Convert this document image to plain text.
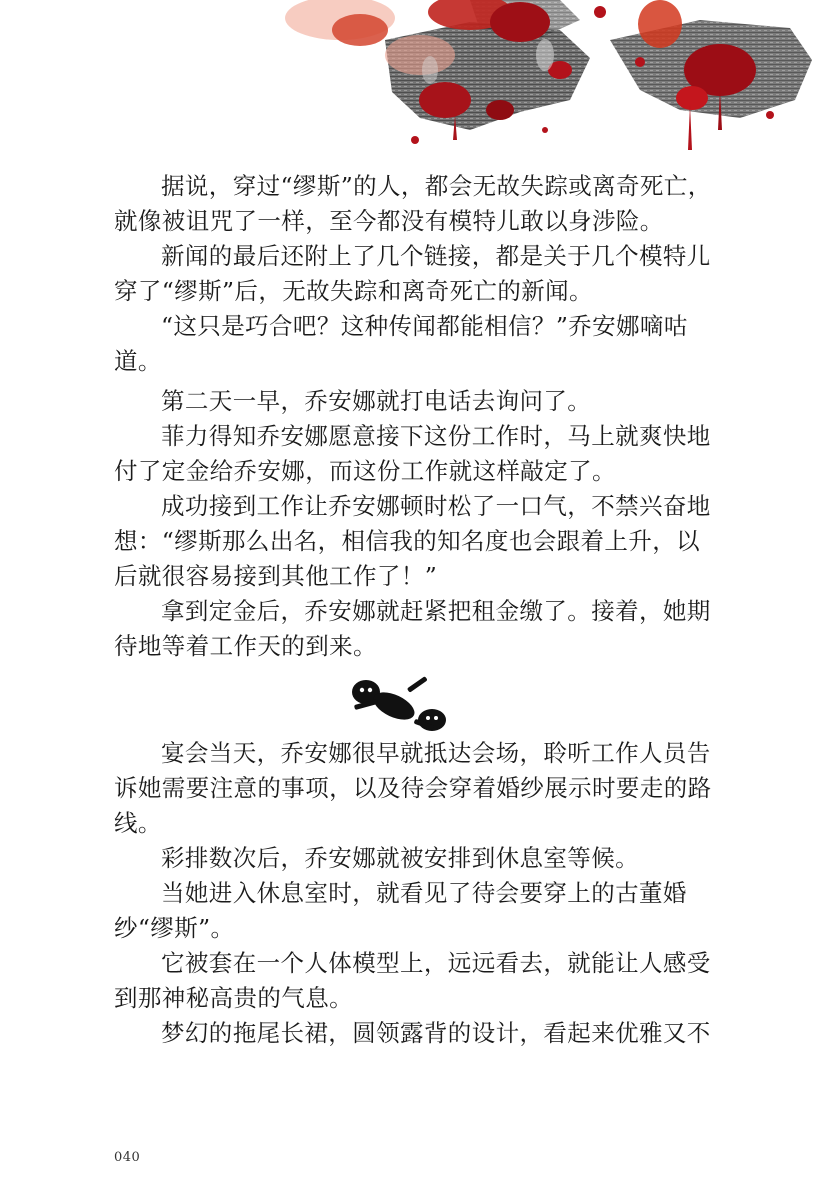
据说，穿过“缪斯”的人，都会无故失踪或离奇死亡，就像被诅咒了一样，至今都没有模特儿敢以身涉险。

新闻的最后还附上了几个链接，都是关于几个模特儿穿了“缪斯”后，无故失踪和离奇死亡的新闻。

“这只是巧合吧？这种传闻都能相信？”乔安娜嘀咕道。

第二天一早，乔安娜就打电话去询问了。

菲力得知乔安娜愿意接下这份工作时，马上就爽快地付了定金给乔安娜，而这份工作就这样敲定了。

成功接到工作让乔安娜顿时松了一口气，不禁兴奋地想：“缪斯那么出名，相信我的知名度也会跟着上升，以后就很容易接到其他工作了！”

拿到定金后，乔安娜就赶紧把租金缴了。接着，她期待地等着工作天的到来。

宴会当天，乔安娜很早就抵达会场，聆听工作人员告诉她需要注意的事项，以及待会穿着婚纱展示时要走的路线。

彩排数次后，乔安娜就被安排到休息室等候。

当她进入休息室时，就看见了待会要穿上的古董婚纱“缪斯”。

它被套在一个人体模型上，远远看去，就能让人感受到那神秘高贵的气息。

梦幻的拖尾长裙，圆领露背的设计，看起来优雅又不

040
